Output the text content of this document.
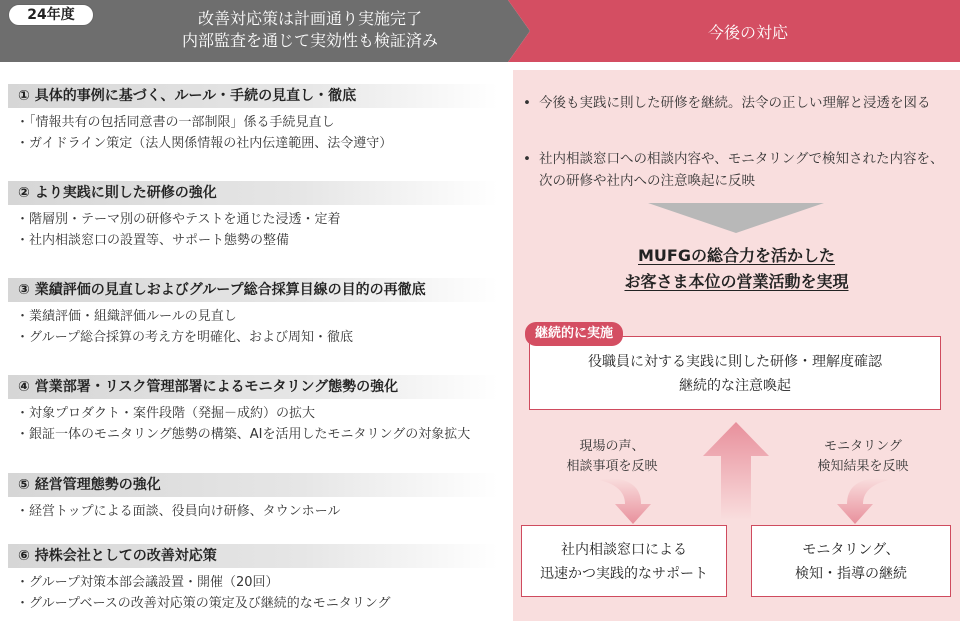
24年度	改善対応策は計画通り実施完了
内部監査を通じて実効性も検証済み	今後の対応
① 具体的事例に基づく、ルール・手続の見直し・徹底
・「情報共有の包括同意書の一部制限」係る手続見直し
・ガイドライン策定（法人関係情報の社内伝達範囲、法令遵守）
② より実践に則した研修の強化
・階層別・テーマ別の研修やテストを通じた浸透・定着
・社内相談窓口の設置等、サポート態勢の整備
③ 業績評価の見直しおよびグループ総合採算目線の目的の再徹底
・業績評価・組織評価ルールの見直し
・グループ総合採算の考え方を明確化、および周知・徹底
④ 営業部署・リスク管理部署によるモニタリング態勢の強化
・対象プロダクト・案件段階（発掘－成約）の拡大
・銀証一体のモニタリング態勢の構築、AIを活用したモニタリングの対象拡大
⑤ 経営管理態勢の強化
・経営トップによる面談、役員向け研修、タウンホール
⑥ 持株会社としての改善対応策
・グループ対策本部会議設置・開催（20回）
・グループベースの改善対応策の策定及び継続的なモニタリング
• 今後も実践に則した研修を継続。法令の正しい理解と浸透を図る
• 社内相談窓口への相談内容や、モニタリングで検知された内容を、次の研修や社内への注意喚起に反映
MUFGの総合力を活かした
お客さま本位の営業活動を実現
役職員に対する実践に則した研修・理解度確認
継続的な注意喚起
継続的に実施
現場の声、
相談事項を反映
モニタリング
検知結果を反映
社内相談窓口による
迅速かつ実践的なサポート
モニタリング、
検知・指導の継続
